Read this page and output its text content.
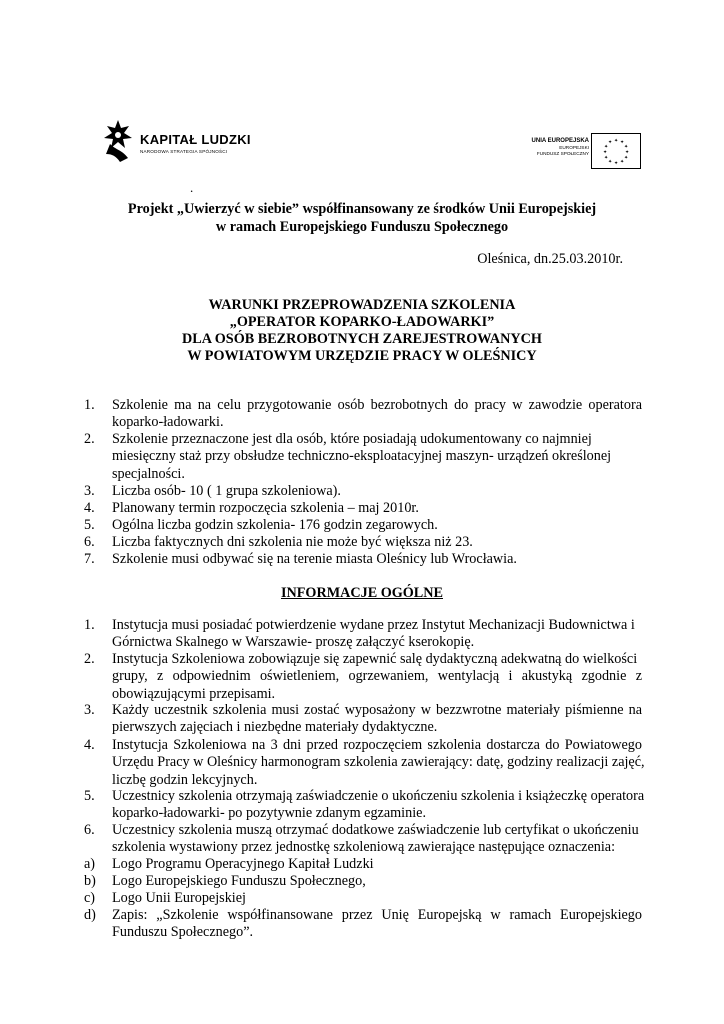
KAPITAŁ LUDZKI
NARODOWA STRATEGIA SPÓJNOŚCI
UNIA EUROPEJSKA
EUROPEJSKI
FUNDUSZ SPOŁECZNY
✦ ✦
✦
✦
✦
✦
✦
✦
✦
✦
✦
✦
.
Projekt „Uwierzyć w siebie” współfinansowany ze środków Unii Europejskiej
w ramach Europejskiego Funduszu Społecznego
Oleśnica, dn.25.03.2010r.
WARUNKI PRZEPROWADZENIA SZKOLENIA
„OPERATOR KOPARKO-ŁADOWARKI”
DLA OSÓB BEZROBOTNYCH ZAREJESTROWANYCH
W POWIATOWYM URZĘDZIE PRACY W OLEŚNICY
1. Szkolenie ma na celu przygotowanie osób bezrobotnych do pracy w zawodzie operatora
koparko-ładowarki.
2. Szkolenie przeznaczone jest dla osób, które posiadają udokumentowany co najmniej
miesięczny staż przy obsłudze techniczno-eksploatacyjnej maszyn- urządzeń określonej
specjalności.
3. Liczba osób- 10 ( 1 grupa szkoleniowa).
4. Planowany termin rozpoczęcia szkolenia – maj 2010r.
5. Ogólna liczba godzin szkolenia- 176 godzin zegarowych.
6. Liczba faktycznych dni szkolenia nie może być większa niż 23.
7. Szkolenie musi odbywać się na terenie miasta Oleśnicy lub Wrocławia.
INFORMACJE OGÓLNE
1. Instytucja musi posiadać potwierdzenie wydane przez Instytut Mechanizacji Budownictwa i
Górnictwa Skalnego w Warszawie- proszę załączyć kserokopię.
2. Instytucja Szkoleniowa zobowiązuje się zapewnić salę dydaktyczną adekwatną do wielkości
grupy, z odpowiednim oświetleniem, ogrzewaniem, wentylacją i akustyką zgodnie z
obowiązującymi przepisami.
3. Każdy uczestnik szkolenia musi zostać wyposażony w bezzwrotne materiały piśmienne na
pierwszych zajęciach i niezbędne materiały dydaktyczne.
4. Instytucja Szkoleniowa na 3 dni przed rozpoczęciem szkolenia dostarcza do Powiatowego
Urzędu Pracy w Oleśnicy harmonogram szkolenia zawierający: datę, godziny realizacji zajęć,
liczbę godzin lekcyjnych.
5. Uczestnicy szkolenia otrzymają zaświadczenie o ukończeniu szkolenia i książeczkę operatora
koparko-ładowarki- po pozytywnie zdanym egzaminie.
6. Uczestnicy szkolenia muszą otrzymać dodatkowe zaświadczenie lub certyfikat o ukończeniu
szkolenia wystawiony przez jednostkę szkoleniową zawierające następujące oznaczenia:
a) Logo Programu Operacyjnego Kapitał Ludzki
b) Logo Europejskiego Funduszu Społecznego,
c) Logo Unii Europejskiej
d) Zapis: „Szkolenie współfinansowane przez Unię Europejską w ramach Europejskiego
Funduszu Społecznego”.
